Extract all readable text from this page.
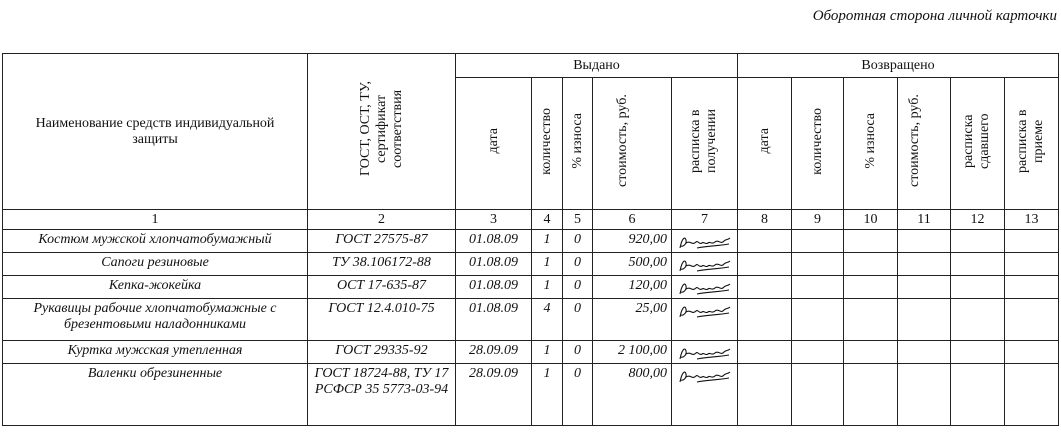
Оборотная сторона личной карточки
Наименование средств индивидуальной защиты	ГОСТ, ОСТ, ТУ, сертификат соответствия	Выдано					Возвращено					
		дата	количество	% износа	стоимость, руб.	расписка в получении	дата	количество	% износа	стоимость, руб.	расписка сдавшего	расписка в приеме
1	2	3	4	5	6	7	8	9	10	11	12	13
Костюм мужской хлопчатобумажный	ГОСТ 27575-87	01.08.09	1	0	920,00	

Сапоги резиновые	ТУ 38.106172-88	01.08.09	1	0	500,00	

Кепка-жокейка	ОСТ 17-635-87	01.08.09	1	0	120,00	

Рукавицы рабочие хлопчатобумажные с брезентовыми наладонниками	ГОСТ 12.4.010-75	01.08.09	4	0	25,00	

Куртка мужская утепленная	ГОСТ 29335-92	28.09.09	1	0	2 100,00	

Валенки обрезиненные	ГОСТ 18724-88, ТУ 17 РСФСР 35 5773-03-94	28.09.09	1	0	800,00	
